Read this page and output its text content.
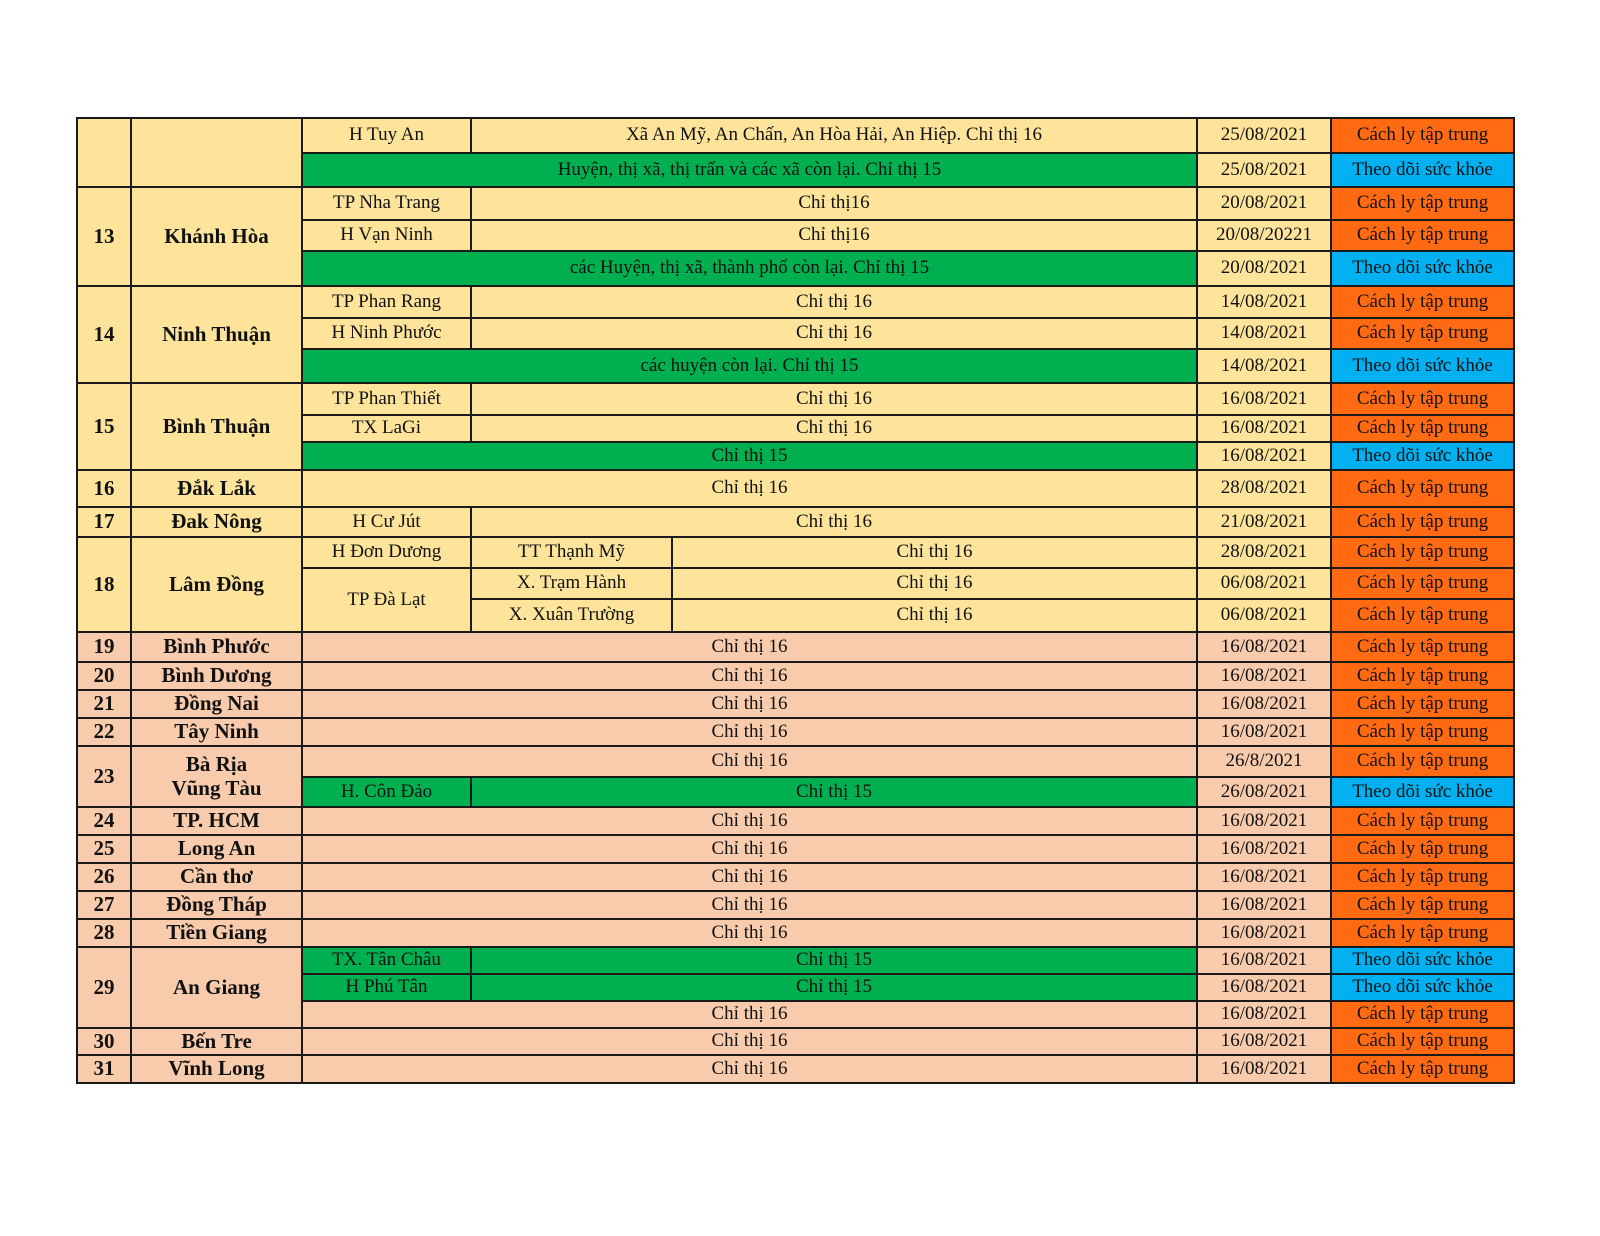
		H Tuy An	Xã An Mỹ, An Chấn, An Hòa Hải, An Hiệp. Chỉ thị 16		25/08/2021	Cách ly tập trung
		Huyện, thị xã, thị trấn và các xã còn lại. Chỉ thị 15			25/08/2021	Theo dõi sức khỏe
13	Khánh Hòa	TP Nha Trang	Chỉ thị16		20/08/2021	Cách ly tập trung
		H Vạn Ninh	Chỉ thị16		20/08/20221	Cách ly tập trung
		các Huyện, thị xã, thành phố còn lại. Chỉ thị 15			20/08/2021	Theo dõi sức khỏe
14	Ninh Thuận	TP Phan Rang	Chỉ thị 16		14/08/2021	Cách ly tập trung
		H Ninh Phước	Chỉ thị 16		14/08/2021	Cách ly tập trung
		các huyện còn lại. Chỉ thị 15			14/08/2021	Theo dõi sức khỏe
15	Bình Thuận	TP Phan Thiết	Chỉ thị 16		16/08/2021	Cách ly tập trung
		TX LaGi	Chỉ thị 16		16/08/2021	Cách ly tập trung
		Chỉ thị 15			16/08/2021	Theo dõi sức khỏe
16	Đắk Lắk	Chỉ thị 16			28/08/2021	Cách ly tập trung
17	Đak Nông	H Cư Jút	Chỉ thị 16		21/08/2021	Cách ly tập trung
18	Lâm Đồng	H Đơn Dương	TT Thạnh Mỹ	Chỉ thị 16	28/08/2021	Cách ly tập trung
		TP Đà Lạt	X. Trạm Hành	Chỉ thị 16	06/08/2021	Cách ly tập trung
			X. Xuân Trường	Chỉ thị 16	06/08/2021	Cách ly tập trung
19	Bình Phước	Chỉ thị 16			16/08/2021	Cách ly tập trung
20	Bình Dương	Chỉ thị 16			16/08/2021	Cách ly tập trung
21	Đồng Nai	Chỉ thị 16			16/08/2021	Cách ly tập trung
22	Tây Ninh	Chỉ thị 16			16/08/2021	Cách ly tập trung
23	Bà Rịa
Vũng Tàu	Chỉ thị 16			26/8/2021	Cách ly tập trung
		H. Côn Đảo	Chỉ thị 15		26/08/2021	Theo dõi sức khỏe
24	TP. HCM	Chỉ thị 16			16/08/2021	Cách ly tập trung
25	Long An	Chỉ thị 16			16/08/2021	Cách ly tập trung
26	Cần thơ	Chỉ thị 16			16/08/2021	Cách ly tập trung
27	Đồng Tháp	Chỉ thị 16			16/08/2021	Cách ly tập trung
28	Tiền Giang	Chỉ thị 16			16/08/2021	Cách ly tập trung
29	An Giang	TX. Tân Châu	Chỉ thị 15		16/08/2021	Theo dõi sức khỏe
		H Phú Tân	Chỉ thị 15		16/08/2021	Theo dõi sức khỏe
		Chỉ thị 16			16/08/2021	Cách ly tập trung
30	Bến Tre	Chỉ thị 16			16/08/2021	Cách ly tập trung
31	Vĩnh Long	Chỉ thị 16			16/08/2021	Cách ly tập trung
